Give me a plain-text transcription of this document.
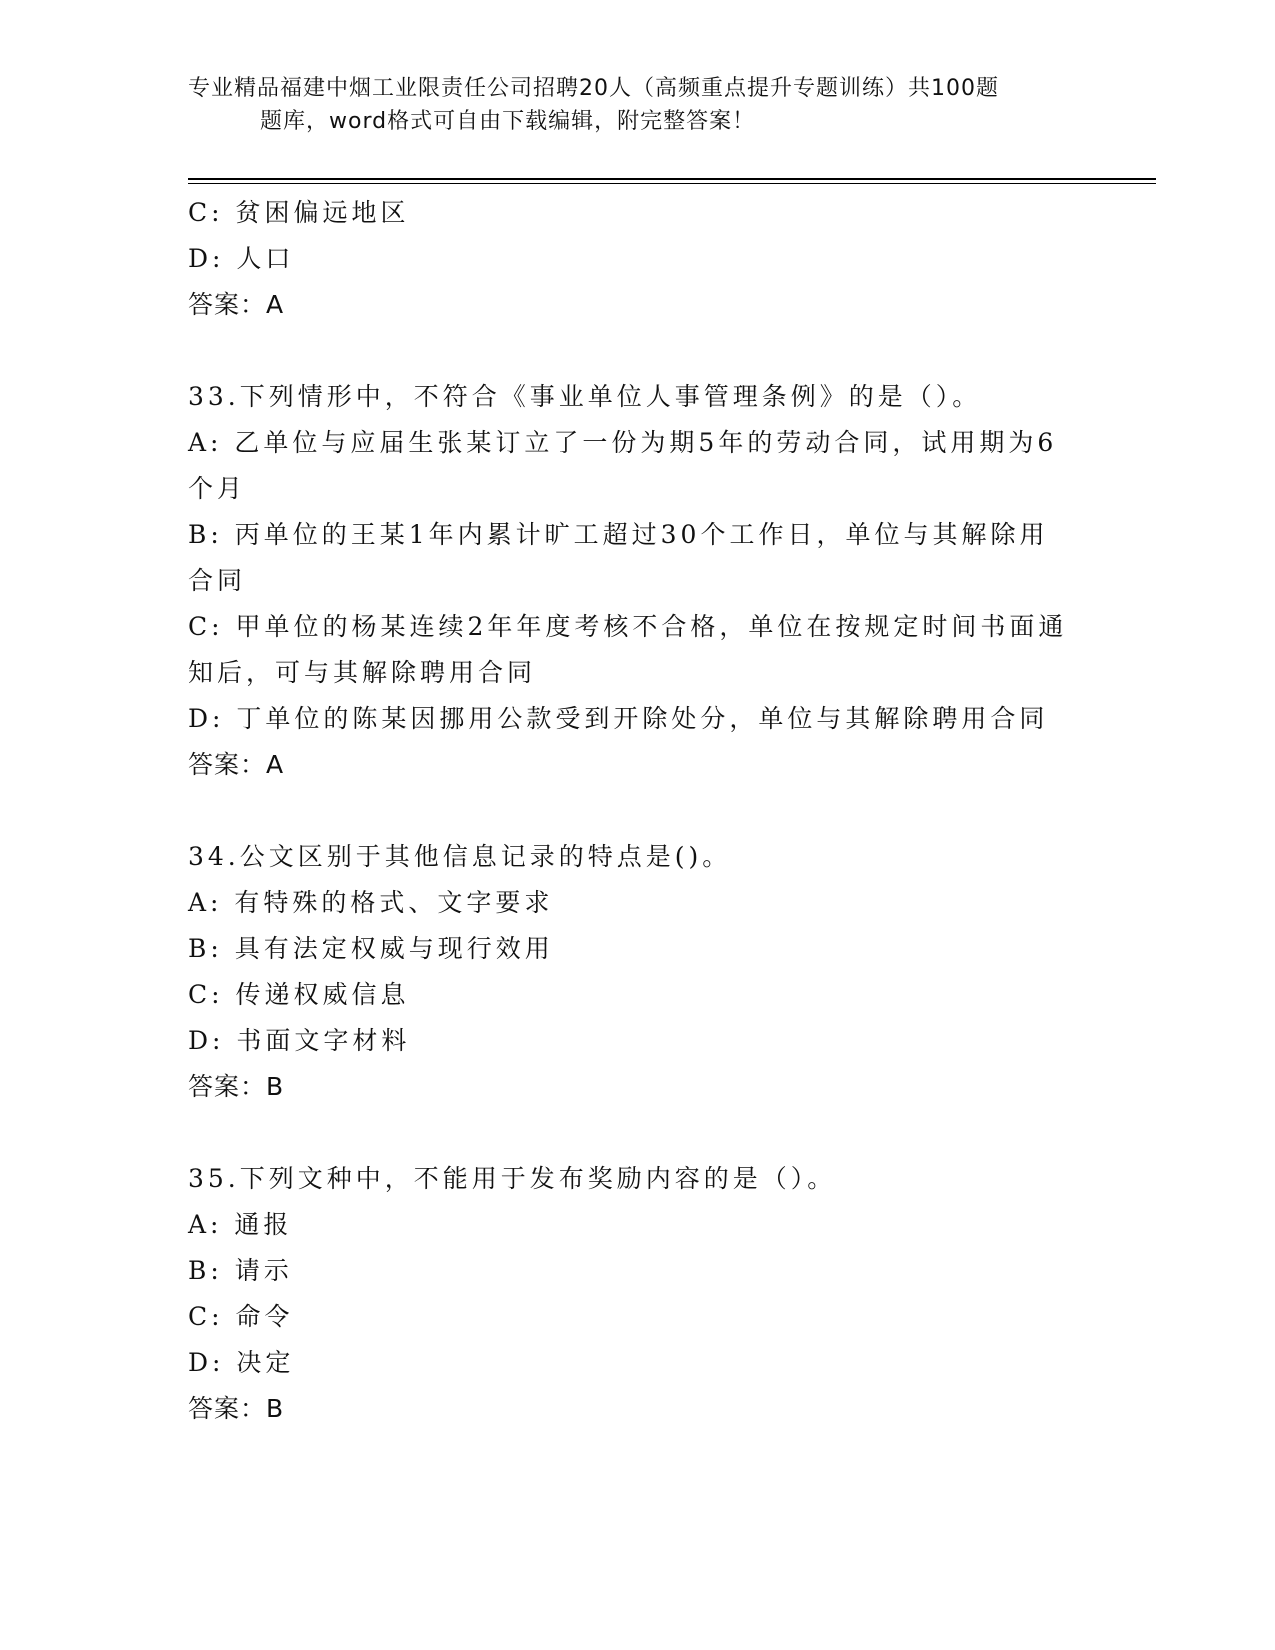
专业精品福建中烟工业限责任公司招聘20人（高频重点提升专题训练）共100题
题库，word格式可自由下载编辑，附完整答案！
C: 贫困偏远地区
D: 人口
答案：A
33.下列情形中，不符合《事业单位人事管理条例》的是（）。
A: 乙单位与应届生张某订立了一份为期5年的劳动合同，试用期为6
个月
B: 丙单位的王某1年内累计旷工超过30个工作日，单位与其解除用
合同
C: 甲单位的杨某连续2年年度考核不合格，单位在按规定时间书面通
知后，可与其解除聘用合同
D: 丁单位的陈某因挪用公款受到开除处分，单位与其解除聘用合同
答案：A
34.公文区别于其他信息记录的特点是()。
A: 有特殊的格式、文字要求
B: 具有法定权威与现行效用
C: 传递权威信息
D: 书面文字材料
答案：B
35.下列文种中，不能用于发布奖励内容的是（）。
A: 通报
B: 请示
C: 命令
D: 决定
答案：B
